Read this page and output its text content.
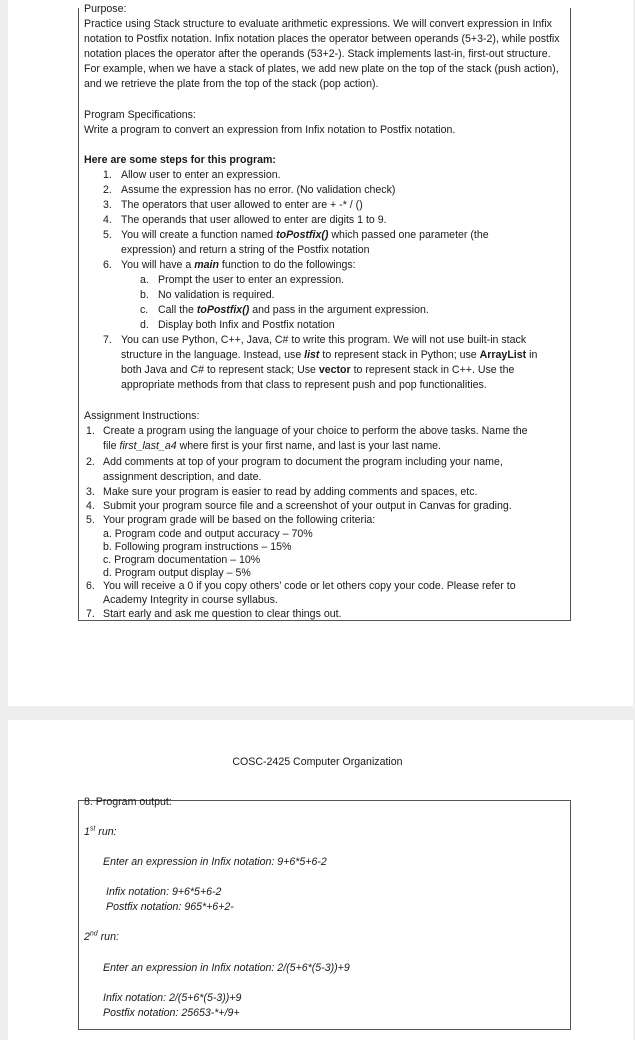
Purpose:
Practice using Stack structure to evaluate arithmetic expressions. We will convert expression in Infix notation to Postfix notation. Infix notation places the operator between operands (5+3-2), while postfix notation places the operator after the operands (53+2-). Stack implements last-in, first-out structure. For example, when we have a stack of plates, we add new plate on the top of the stack (push action), and we retrieve the plate from the top of the stack (pop action).
Program Specifications:
Write a program to convert an expression from Infix notation to Postfix notation.
Here are some steps for this program:
1. Allow user to enter an expression.
2. Assume the expression has no error. (No validation check)
3. The operators that user allowed to enter are + -* / ()
4. The operands that user allowed to enter are digits 1 to 9.
5. You will create a function named toPostfix() which passed one parameter (the
expression) and return a string of the Postfix notation
6. You will have a main function to do the followings:
a. Prompt the user to enter an expression.
b. No validation is required.
c. Call the toPostfix() and pass in the argument expression.
d. Display both Infix and Postfix notation
7. You can use Python, C++, Java, C# to write this program. We will not use built-in stack
structure in the language. Instead, use list to represent stack in Python; use ArrayList in
both Java and C# to represent stack; Use vector to represent stack in C++. Use the
appropriate methods from that class to represent push and pop functionalities.
Assignment Instructions:
1. Create a program using the language of your choice to perform the above tasks. Name the
file first_last_a4 where first is your first name, and last is your last name.
2. Add comments at top of your program to document the program including your name,
assignment description, and date.
3. Make sure your program is easier to read by adding comments and spaces, etc.
4. Submit your program source file and a screenshot of your output in Canvas for grading.
5. Your program grade will be based on the following criteria:
a. Program code and output accuracy – 70%
b. Following program instructions – 15%
c. Program documentation – 10%
d. Program output display – 5%
6. You will receive a 0 if you copy others’ code or let others copy your code. Please refer to
Academy Integrity in course syllabus.
7. Start early and ask me question to clear things out.
COSC-2425 Computer Organization
8. Program output:
1st run:
Enter an expression in Infix notation: 9+6*5+6-2
Infix notation: 9+6*5+6-2
Postfix notation: 965*+6+2-
2nd run:
Enter an expression in Infix notation: 2/(5+6*(5-3))+9
Infix notation: 2/(5+6*(5-3))+9
Postfix notation: 25653-*+/9+
